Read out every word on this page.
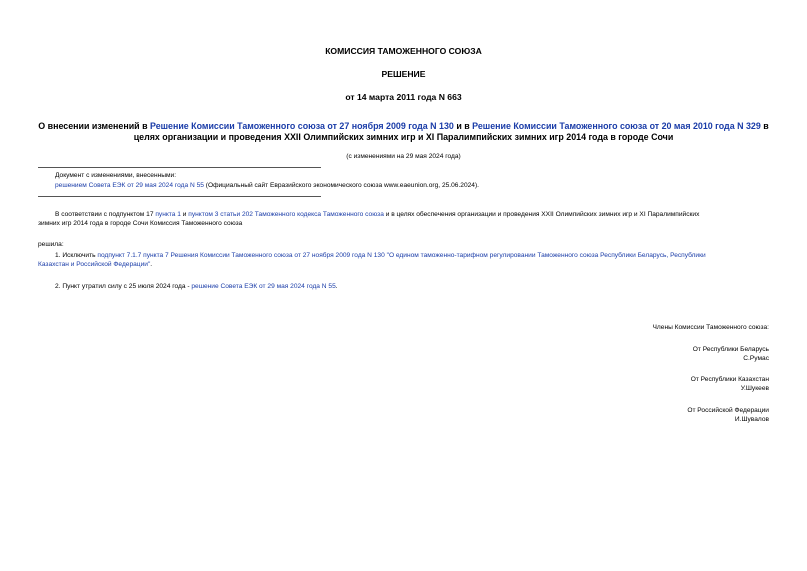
КОМИССИЯ ТАМОЖЕННОГО СОЮЗА
РЕШЕНИЕ
от 14 марта 2011 года N 663
О внесении изменений в Решение Комиссии Таможенного союза от 27 ноября 2009 года N 130 и в Решение Комиссии Таможенного союза от 20 мая 2010 года N 329 в
целях организации и проведения XXII Олимпийских зимних игр и XI Паралимпийских зимних игр 2014 года в городе Сочи
(с изменениями на 29 мая 2024 года)
Документ с изменениями, внесенными:
решением Совета ЕЭК от 29 мая 2024 года N 55 (Официальный сайт Евразийского экономического союза www.eaeunion.org, 25.06.2024).
В соответствии с подпунктом 17 пункта 1 и пунктом 3 статьи 202 Таможенного кодекса Таможенного союза и в целях обеспечения организации и проведения XXII Олимпийских зимних игр и XI Паралимпийских
зимних игр 2014 года в городе Сочи Комиссия Таможенного союза
решила:
1. Исключить подпункт 7.1.7 пункта 7 Решения Комиссии Таможенного союза от 27 ноября 2009 года N 130 "О едином таможенно-тарифном регулировании Таможенного союза Республики Беларусь, Республики
Казахстан и Российской Федерации".
2. Пункт утратил силу с 25 июля 2024 года - решение Совета ЕЭК от 29 мая 2024 года N 55.
Члены Комиссии Таможенного союза:
От Республики Беларусь
С.Румас
От Республики Казахстан
У.Шукеев
От Российской Федерации
И.Шувалов
